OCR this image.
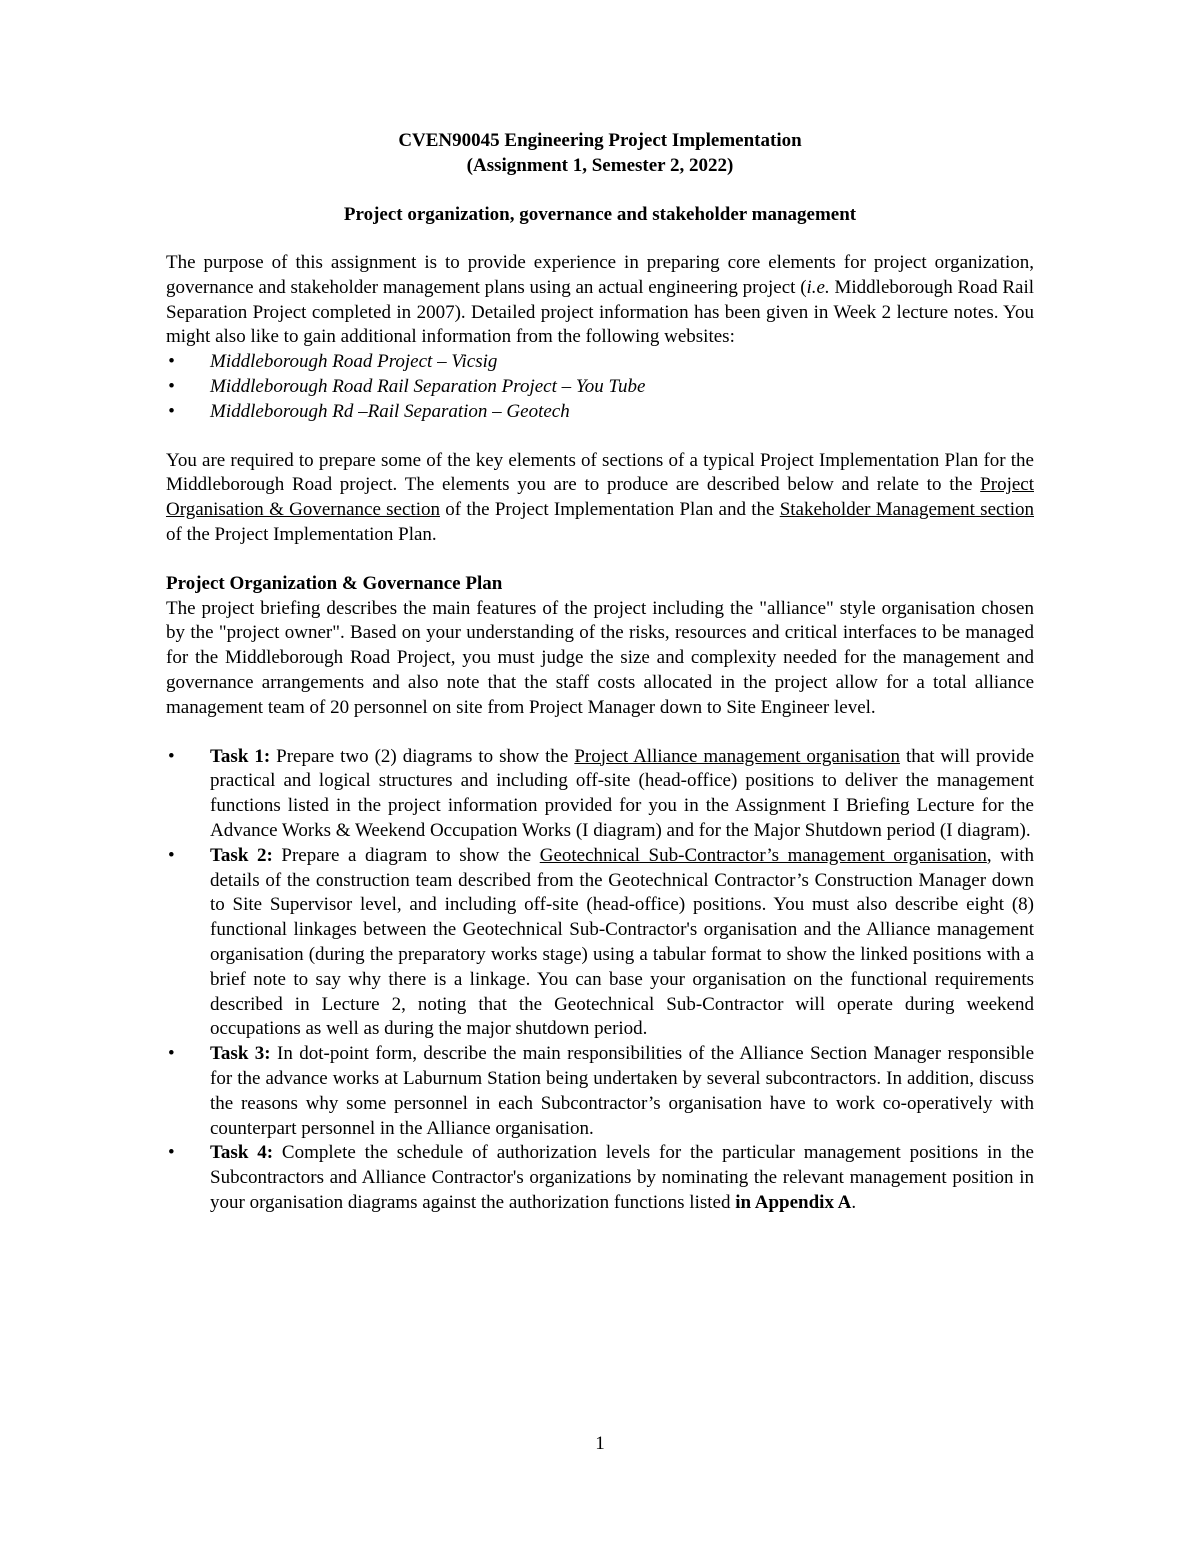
CVEN90045 Engineering Project Implementation

(Assignment 1, Semester 2, 2022)

Project organization, governance and stakeholder management

The purpose of this assignment is to provide experience in preparing core elements for project organization, governance and stakeholder management plans using an actual engineering project (i.e. Middleborough Road Rail Separation Project completed in 2007). Detailed project information has been given in Week 2 lecture notes. You might also like to gain additional information from the following websites:

• Middleborough Road Project – Vicsig
• Middleborough Road Rail Separation Project – You Tube
• Middleborough Rd –Rail Separation – Geotech

You are required to prepare some of the key elements of sections of a typical Project Implementation Plan for the Middleborough Road project. The elements you are to produce are described below and relate to the Project Organisation & Governance section of the Project Implementation Plan and the Stakeholder Management section of the Project Implementation Plan.

Project Organization & Governance Plan

The project briefing describes the main features of the project including the "alliance" style organisation chosen by the "project owner". Based on your understanding of the risks, resources and critical interfaces to be managed for the Middleborough Road Project, you must judge the size and complexity needed for the management and governance arrangements and also note that the staff costs allocated in the project allow for a total alliance management team of 20 personnel on site from Project Manager down to Site Engineer level.

• Task 1: Prepare two (2) diagrams to show the Project Alliance management organisation that will provide practical and logical structures and including off-site (head-office) positions to deliver the management functions listed in the project information provided for you in the Assignment I Briefing Lecture for the Advance Works & Weekend Occupation Works (I diagram) and for the Major Shutdown period (I diagram).
• Task 2: Prepare a diagram to show the Geotechnical Sub-Contractor’s management organisation, with details of the construction team described from the Geotechnical Contractor’s Construction Manager down to Site Supervisor level, and including off-site (head-office) positions. You must also describe eight (8) functional linkages between the Geotechnical Sub-Contractor's organisation and the Alliance management organisation (during the preparatory works stage) using a tabular format to show the linked positions with a brief note to say why there is a linkage. You can base your organisation on the functional requirements described in Lecture 2, noting that the Geotechnical Sub-Contractor will operate during weekend occupations as well as during the major shutdown period.
• Task 3: In dot-point form, describe the main responsibilities of the Alliance Section Manager responsible for the advance works at Laburnum Station being undertaken by several subcontractors. In addition, discuss the reasons why some personnel in each Subcontractor’s organisation have to work co-operatively with counterpart personnel in the Alliance organisation.
• Task 4: Complete the schedule of authorization levels for the particular management positions in the Subcontractors and Alliance Contractor's organizations by nominating the relevant management position in your organisation diagrams against the authorization functions listed in Appendix A.
1
